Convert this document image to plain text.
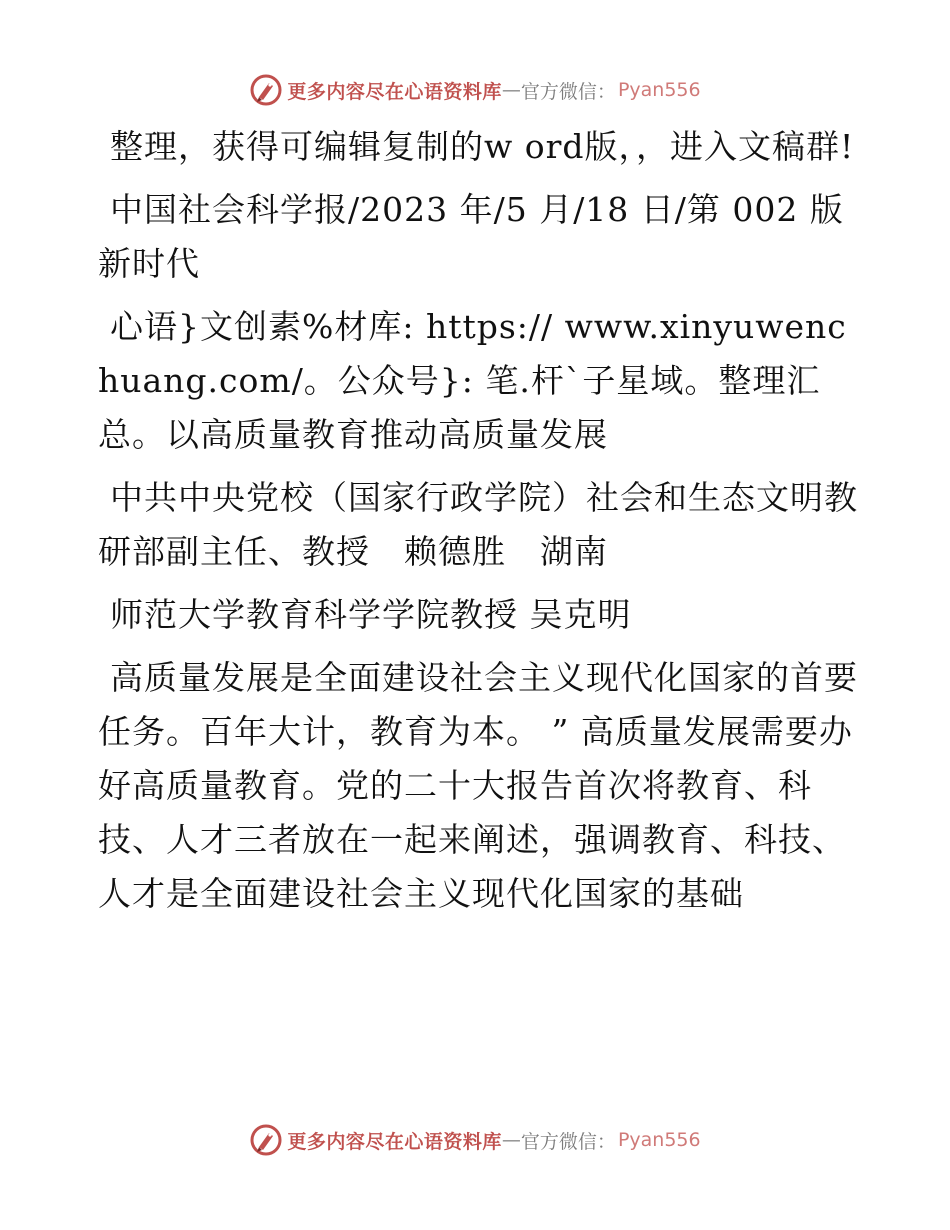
更多内容尽在心语资料库 — 官方微信： Pyan556

整理，获得可编辑复制的w ord版，，进入文稿群!

中国社会科学报/2023 年/5 月/18 日/第 002 版新时代

心语}文创素%材库: https:// www.xinyuwenchuang.com/。公众号}: 笔.杆`子星域。整理汇总。以高质量教育推动高质量发展

中共中央党校（国家行政学院）社会和生态文明教研部副主任、教授　赖德胜　湖南

师范大学教育科学学院教授 吴克明

高质量发展是全面建设社会主义现代化国家的首要任务。百年大计，教育为本。 ” 高质量发展需要办好高质量教育。党的二十大报告首次将教育、科技、人才三者放在一起来阐述，强调教育、科技、人才是全面建设社会主义现代化国家的基础

更多内容尽在心语资料库 — 官方微信： Pyan556
